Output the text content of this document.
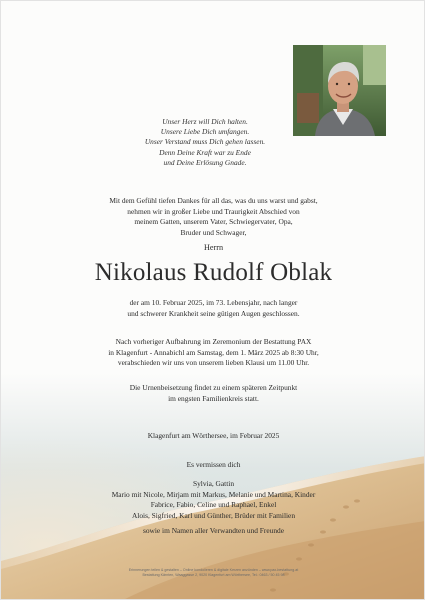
Unser Herz will Dich halten.
Unsere Liebe Dich umfangen.
Unser Verstand muss Dich gehen lassen.
Denn Deine Kraft war zu Ende
und Deine Erlösung Gnade.
Mit dem Gefühl tiefen Dankes für all das, was du uns warst und gabst,
nehmen wir in großer Liebe und Traurigkeit Abschied von
meinem Gatten, unserem Vater, Schwiegervater, Opa,
Bruder und Schwager,
Herrn
Nikolaus Rudolf Oblak
der am 10. Februar 2025, im 73. Lebensjahr, nach langer
und schwerer Krankheit seine gütigen Augen geschlossen.
Nach vorheriger Aufbahrung im Zeremonium der Bestattung PAX
in Klagenfurt - Annabichl am Samstag, dem 1. März 2025 ab 8:30 Uhr,
verabschieden wir uns von unserem lieben Klausi um 11.00 Uhr.
Die Urnenbeisetzung findet zu einem späteren Zeitpunkt
im engsten Familienkreis statt.
Klagenfurt am Wörthersee, im Februar 2025
Es vermissen dich
Sylvia, Gattin
Mario mit Nicole, Mirjam mit Markus, Melanie und Martina, Kinder
Fabrice, Fabio, Celine und Raphael, Enkel
Alois, Sigfried, Karl und Günther, Brüder mit Familien
sowie im Namen aller Verwandten und Freunde
Erinnerungen teilen & gestalten – Online kondolieren & digitale Kerzen anzünden – www.pax-bestattung.at
Bestattung Kärnten, Waaggasse 2, 9020 Klagenfurt am Wörthersee, Tel.: 0463 / 50 45 98
